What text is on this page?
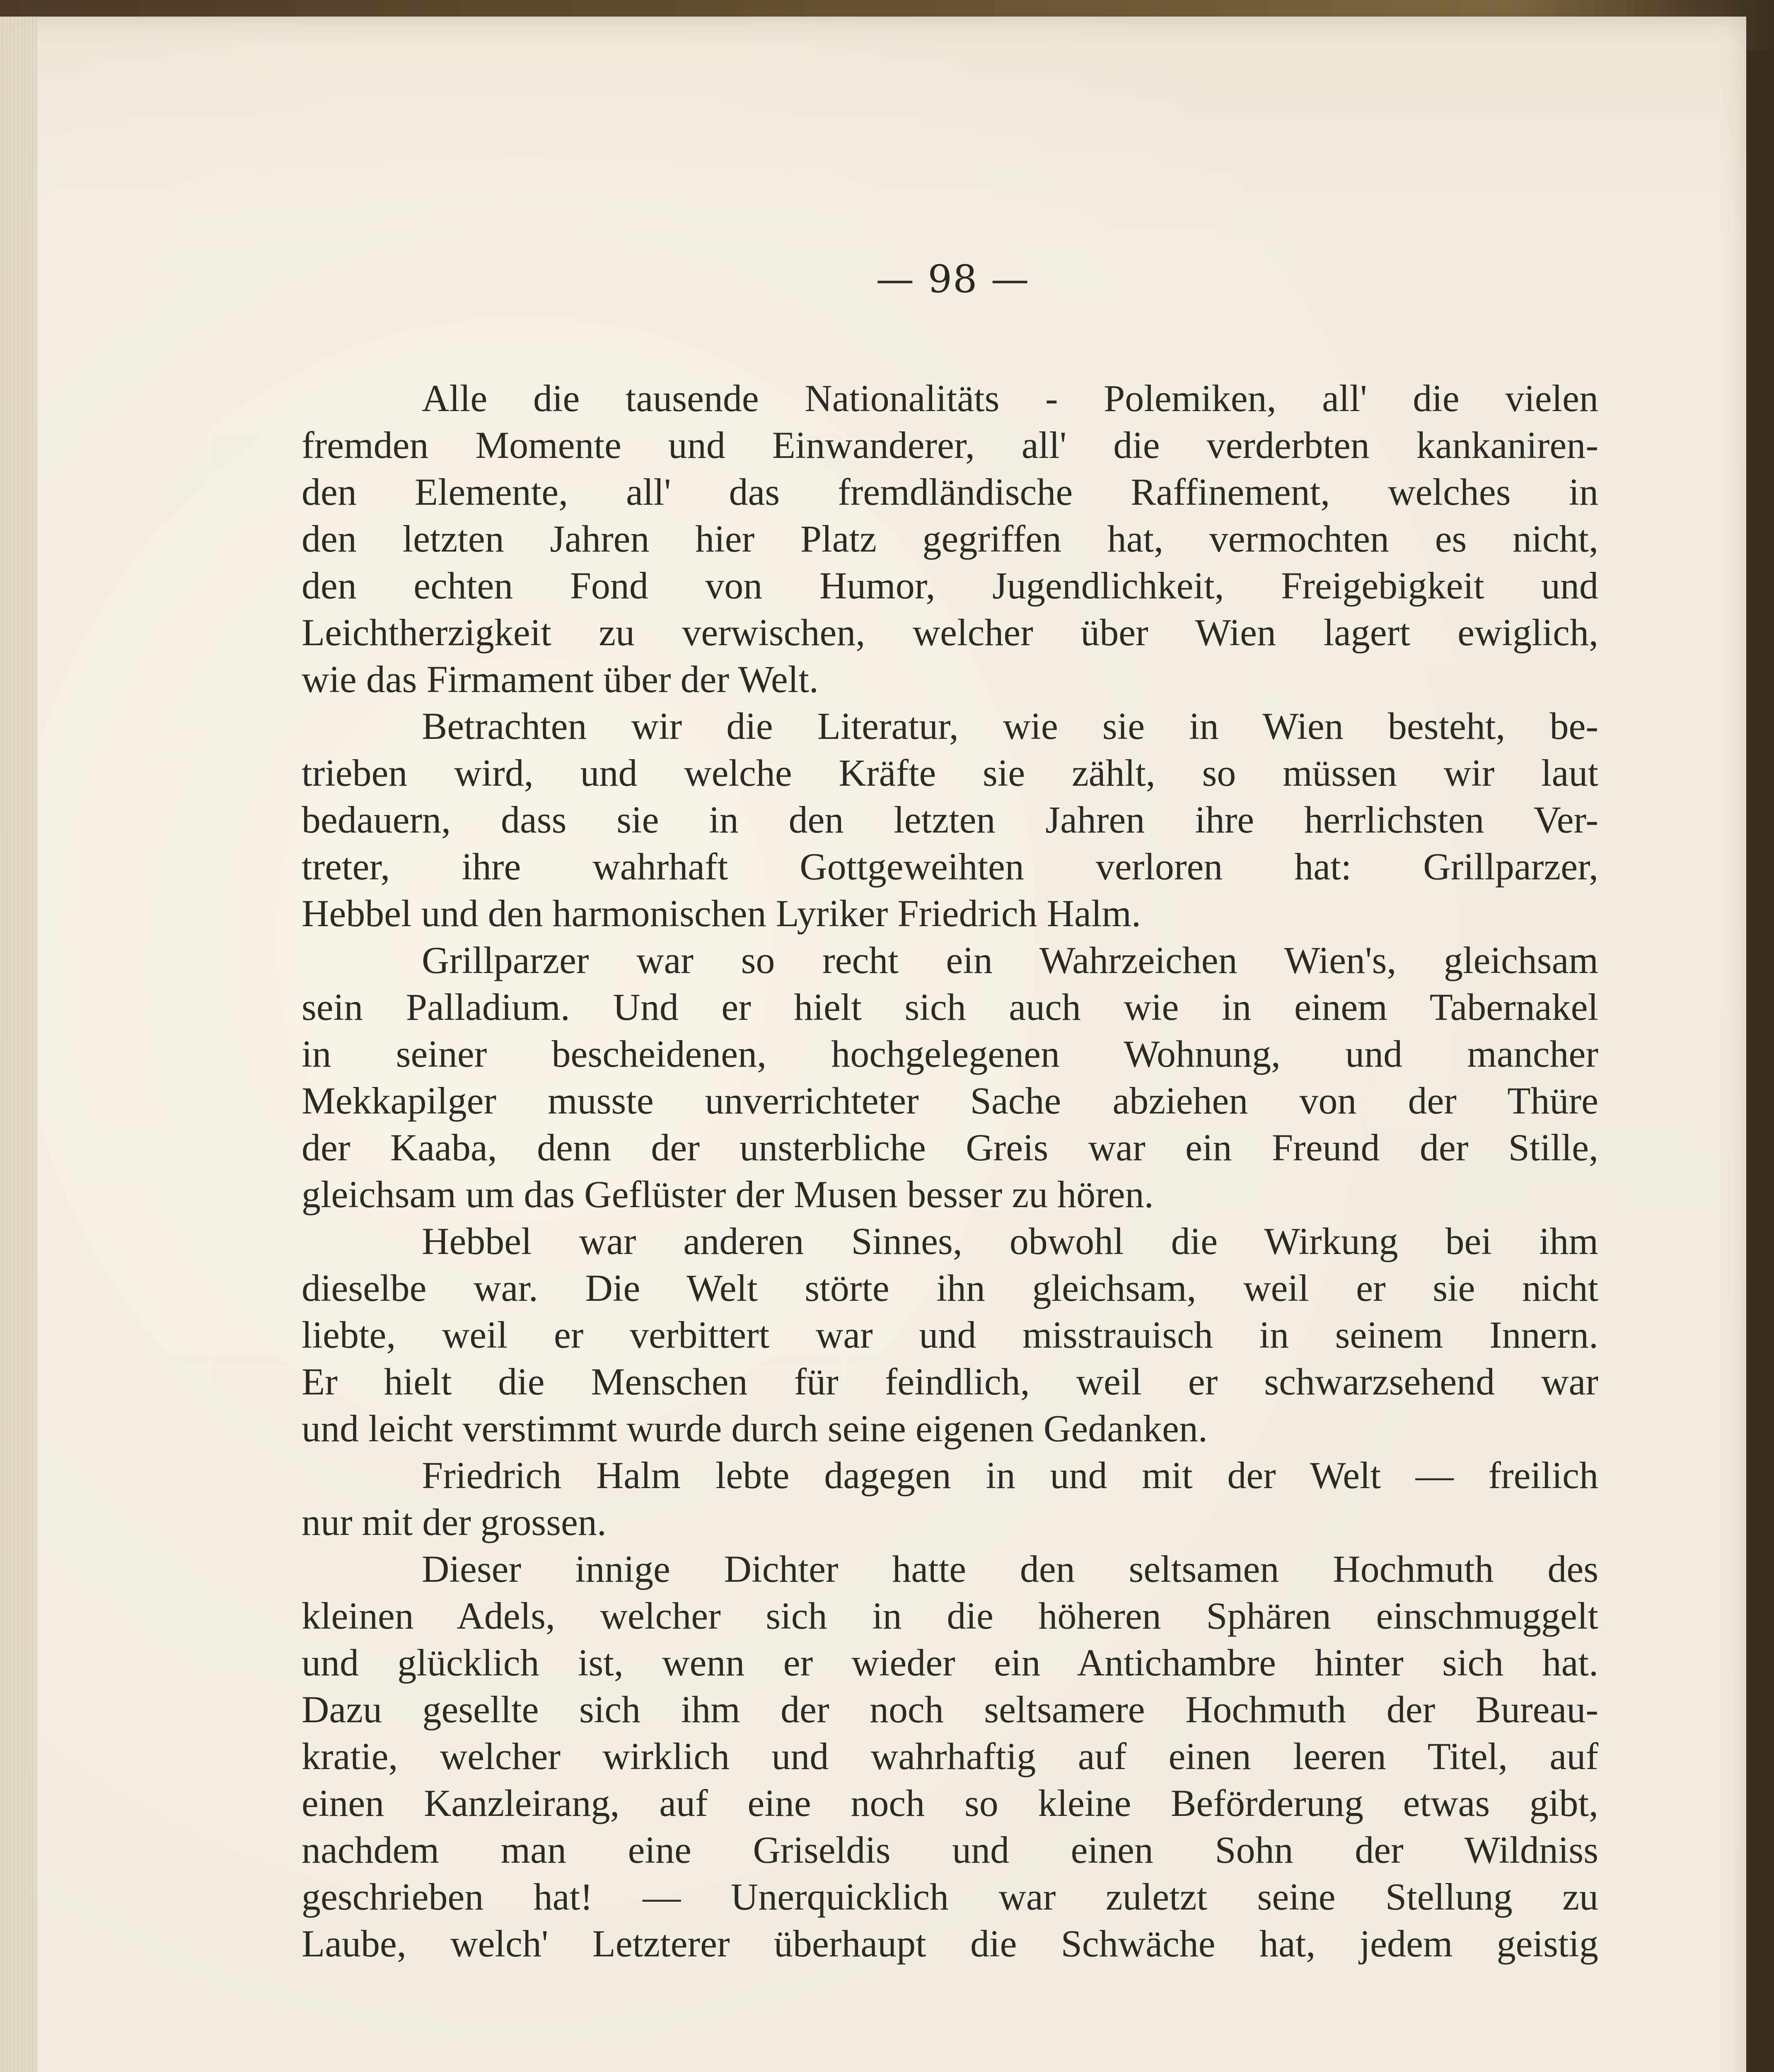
— 98 —
Alle die tausende Nationalitäts - Polemiken, all' die vielen
fremden Momente und Einwanderer, all' die verderbten kankaniren-
den Elemente, all' das fremdländische Raffinement, welches in
den letzten Jahren hier Platz gegriffen hat, vermochten es nicht,
den echten Fond von Humor, Jugendlichkeit, Freigebigkeit und
Leichtherzigkeit zu verwischen, welcher über Wien lagert ewiglich,
wie das Firmament über der Welt.
Betrachten wir die Literatur, wie sie in Wien besteht, be-
trieben wird, und welche Kräfte sie zählt, so müssen wir laut
bedauern, dass sie in den letzten Jahren ihre herrlichsten Ver-
treter, ihre wahrhaft Gottgeweihten verloren hat: Grillparzer,
Hebbel und den harmonischen Lyriker Friedrich Halm.
Grillparzer war so recht ein Wahrzeichen Wien's, gleichsam
sein Palladium. Und er hielt sich auch wie in einem Tabernakel
in seiner bescheidenen, hochgelegenen Wohnung, und mancher
Mekkapilger musste unverrichteter Sache abziehen von der Thüre
der Kaaba, denn der unsterbliche Greis war ein Freund der Stille,
gleichsam um das Geflüster der Musen besser zu hören.
Hebbel war anderen Sinnes, obwohl die Wirkung bei ihm
dieselbe war. Die Welt störte ihn gleichsam, weil er sie nicht
liebte, weil er verbittert war und misstrauisch in seinem Innern.
Er hielt die Menschen für feindlich, weil er schwarzsehend war
und leicht verstimmt wurde durch seine eigenen Gedanken.
Friedrich Halm lebte dagegen in und mit der Welt — freilich
nur mit der grossen.
Dieser innige Dichter hatte den seltsamen Hochmuth des
kleinen Adels, welcher sich in die höheren Sphären einschmuggelt
und glücklich ist, wenn er wieder ein Antichambre hinter sich hat.
Dazu gesellte sich ihm der noch seltsamere Hochmuth der Bureau-
kratie, welcher wirklich und wahrhaftig auf einen leeren Titel, auf
einen Kanzleirang, auf eine noch so kleine Beförderung etwas gibt,
nachdem man eine Griseldis und einen Sohn der Wildniss
geschrieben hat! — Unerquicklich war zuletzt seine Stellung zu
Laube, welch' Letzterer überhaupt die Schwäche hat, jedem geistig
